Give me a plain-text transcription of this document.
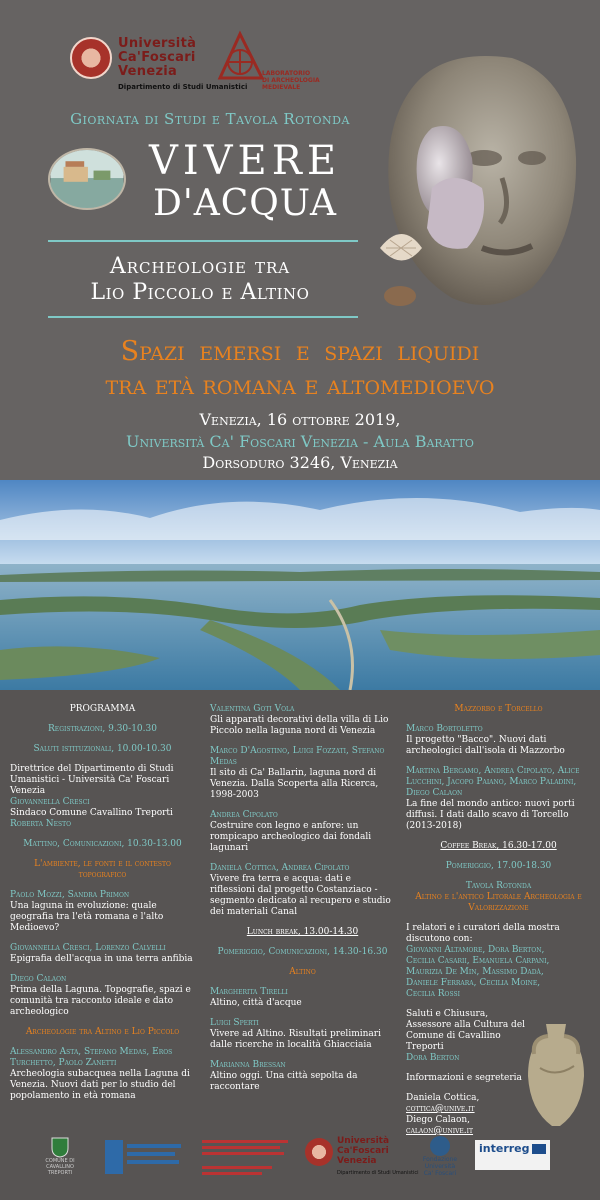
Università
Ca'Foscari
Venezia
Dipartimento di Studi Umanistici
LABORATORIO
DI ARCHEOLOGIA
MEDIEVALE
Giornata di Studi e Tavola Rotonda
VIVERE
D'ACQUA
Archeologie tra
Lio Piccolo e Altino
Spazi emersi e spazi liquidi
tra età romana e altomedioevo
Venezia, 16 ottobre 2019,
Università Ca' Foscari Venezia - Aula Baratto
Dorsoduro 3246, Venezia
PROGRAMMA
Registrazioni, 9.30-10.30
Saluti istituzionali, 10.00-10.30
Direttrice del Dipartimento di Studi Umanistici - Università Ca' Foscari Venezia
Giovannella Cresci
Sindaco Comune Cavallino Treporti
Roberta Nesto
Mattino, Comunicazioni, 10.30-13.00
L'ambiente, le fonti e il contesto topografico
Paolo Mozzi, Sandra Primon
Una laguna in evoluzione: quale geografia tra l'età romana e l'alto Medioevo?
Giovannella Cresci, Lorenzo Calvelli
Epigrafia dell'acqua in una terra anfibia
Diego Calaon
Prima della Laguna. Topografie, spazi e comunità tra racconto ideale e dato archeologico
Archeologie tra Altino e Lio Piccolo
Alessandro Asta, Stefano Medas, Eros Turchetto, Paolo Zanetti
Archeologia subacquea nella Laguna di Venezia. Nuovi dati per lo studio del popolamento in età romana
Valentina Goti Vola
Gli apparati decorativi della villa di Lio Piccolo nella laguna nord di Venezia
Marco D'Agostino, Luigi Fozzati, Stefano Medas
Il sito di Ca' Ballarin, laguna nord di Venezia. Dalla Scoperta alla Ricerca, 1998-2003
Andrea Cipolato
Costruire con legno e anfore: un rompicapo archeologico dai fondali lagunari
Daniela Cottica, Andrea Cipolato
Vivere fra terra e acqua: dati e riflessioni dal progetto Costanziaco - segmento dedicato al recupero e studio dei materiali Canal
Lunch break, 13.00-14.30
Pomeriggio, Comunicazioni, 14.30-16.30
Altino
Margherita Tirelli
Altino, città d'acque
Luigi Sperti
Vivere ad Altino. Risultati preliminari dalle ricerche in località Ghiacciaia
Marianna Bressan
Altino oggi. Una città sepolta da raccontare
Mazzorbo e Torcello
Marco Bortoletto
Il progetto "Bacco". Nuovi dati archeologici dall'isola di Mazzorbo
Martina Bergamo, Andrea Cipolato, Alice Lucchini, Jacopo Paiano, Marco Paladini, Diego Calaon
La fine del mondo antico: nuovi porti diffusi. I dati dallo scavo di Torcello (2013-2018)
Coffee Break, 16.30-17.00
Pomeriggio, 17.00-18.30
Tavola Rotonda
Altino e l'antico Litorale Archeologia e Valorizzazione
I relatori e i curatori della mostra discutono con:
Giovanni Altamore, Dora Berton, Cecilia Casarii, Emanuela Carpani, Maurizia De Min, Massimo Dadà, Daniele Ferrara, Cecilia Moine, Cecilia Rossi
Saluti e Chiusura, Assessore alla Cultura del Comune di Cavallino Treporti
Dora Berton
Informazioni e segreteria
Daniela Cottica,
cottica@unive.it
Diego Calaon,
calaon@unive.it
COMUNE DI
CAVALLINO
TREPORTI
Università
Ca'Foscari
Venezia
Dipartimento di Studi Umanistici
Fondazione
Università
Ca' Foscari
interreg
